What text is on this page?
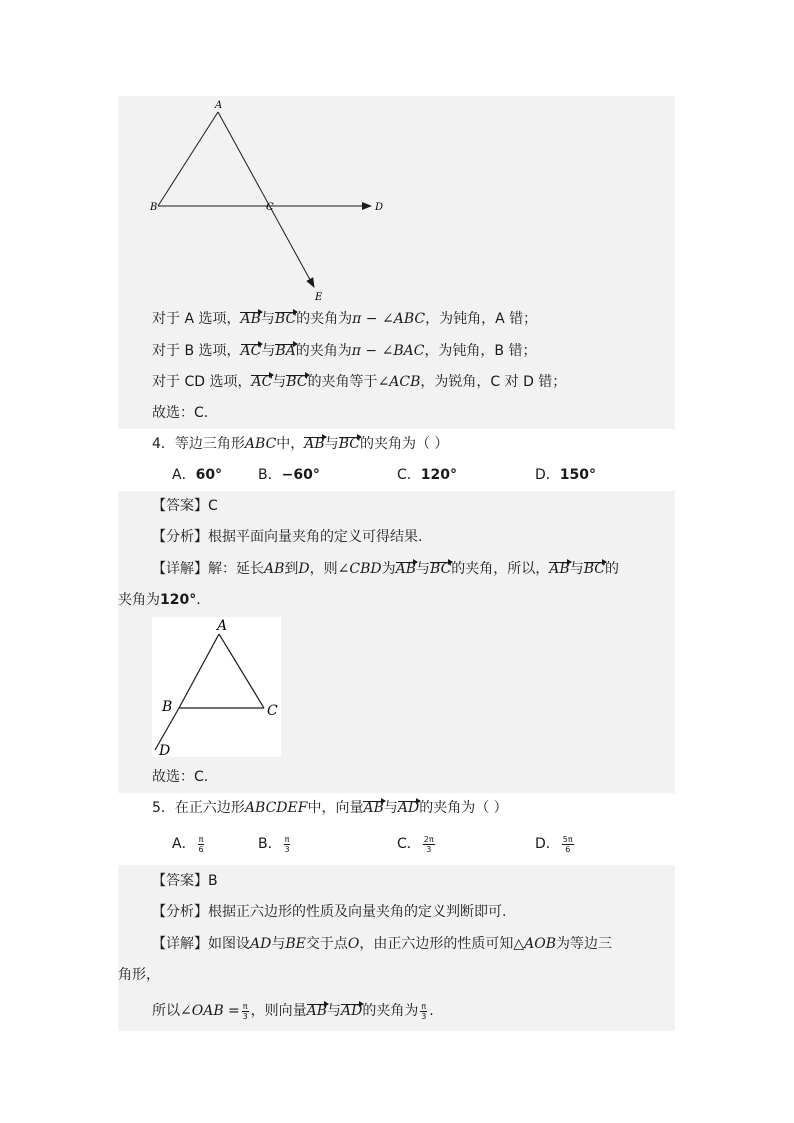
A
B	C	D
E
对于 A 选项，AB与BC的夹角为π − ∠ABC，为钝角，A 错；
对于 B 选项，AC与BA的夹角为π − ∠BAC，为钝角，B 错；
对于 CD 选项，AC与BC的夹角等于∠ACB，为锐角，C 对 D 错；
故选：C.
4．等边三角形ABC中，AB与BC的夹角为（ ）
A．60°	B．−60°	C．120°	D．150°
【答案】C
【分析】根据平面向量夹角的定义可得结果.
【详解】解：延长AB到D，则∠CBD为AB与BC的夹角，所以，AB与BC的
夹角为120°.
A
B	C
D
故选：C.
5．在正六边形ABCDEF中，向量AB与AD的夹角为（ ）
A． $\frac{\pi}{6}$	B． $\frac{\pi}{3}$	C． $\frac{2\pi}{3}$	D． $\frac{5\pi}{6}$
【答案】B
【分析】根据正六边形的性质及向量夹角的定义判断即可.
【详解】如图设AD与BE交于点O，由正六边形的性质可知△AOB为等边三
角形，
所以∠OAB = $\frac{\pi}{3}$ ，则向量AB与AD的夹角为 $\frac{\pi}{3}$ .
